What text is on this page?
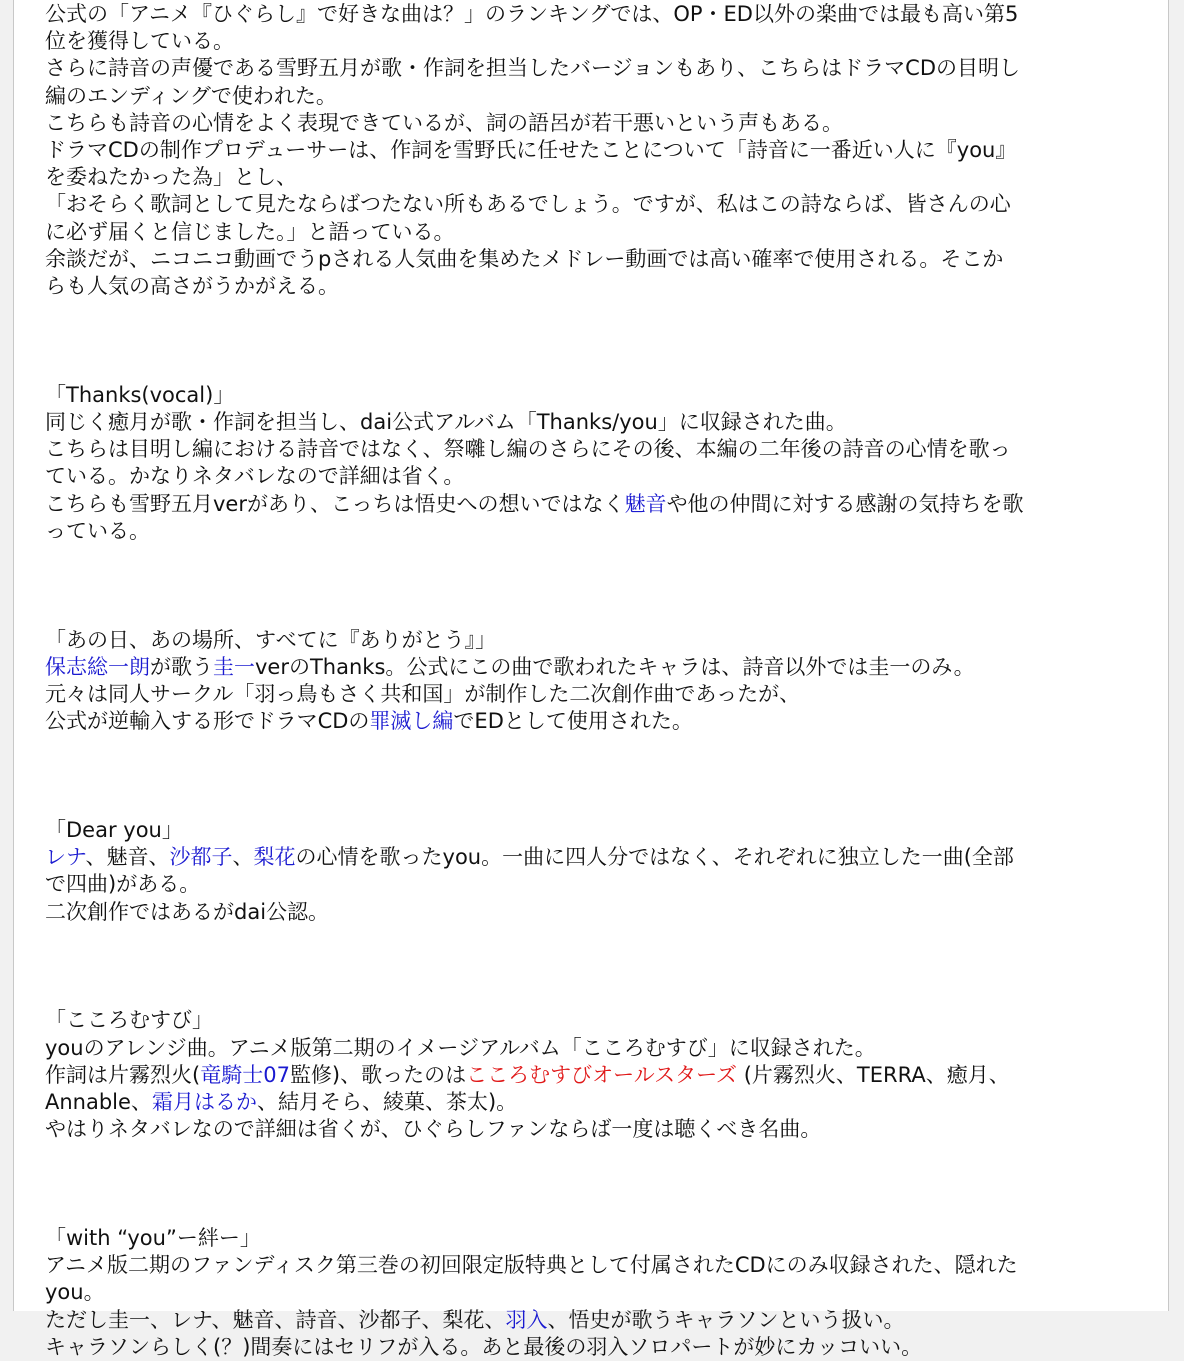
公式の「アニメ『ひぐらし』で好きな曲は？」のランキングでは、OP・ED以外の楽曲では最も高い第5

位を獲得している。

さらに詩音の声優である雪野五月が歌・作詞を担当したバージョンもあり、こちらはドラマCDの目明し

編のエンディングで使われた。

こちらも詩音の心情をよく表現できているが、詞の語呂が若干悪いという声もある。

ドラマCDの制作プロデューサーは、作詞を雪野氏に任せたことについて「詩音に一番近い人に『you』

を委ねたかった為」とし、

「おそらく歌詞として見たならばつたない所もあるでしょう。ですが、私はこの詩ならば、皆さんの心

に必ず届くと信じました。」と語っている。

余談だが、ニコニコ動画でうpされる人気曲を集めたメドレー動画では高い確率で使用される。そこか

らも人気の高さがうかがえる。

「Thanks(vocal)」

同じく癒月が歌・作詞を担当し、dai公式アルバム「Thanks/you」に収録された曲。

こちらは目明し編における詩音ではなく、祭囃し編のさらにその後、本編の二年後の詩音の心情を歌っ

ている。かなりネタバレなので詳細は省く。

こちらも雪野五月verがあり、こっちは悟史への想いではなく魅音や他の仲間に対する感謝の気持ちを歌

っている。

「あの日、あの場所、すべてに『ありがとう』」

保志総一朗が歌う圭一verのThanks。公式にこの曲で歌われたキャラは、詩音以外では圭一のみ。

元々は同人サークル「羽っ鳥もさく共和国」が制作した二次創作曲であったが、

公式が逆輸入する形でドラマCDの罪滅し編でEDとして使用された。

「Dear you」

レナ、魅音、沙都子、梨花の心情を歌ったyou。一曲に四人分ではなく、それぞれに独立した一曲(全部

で四曲)がある。

二次創作ではあるがdai公認。

「こころむすび」

youのアレンジ曲。アニメ版第二期のイメージアルバム「こころむすび」に収録された。

作詞は片霧烈火(竜騎士07監修)、歌ったのはこころむすびオールスターズ (片霧烈火、TERRA、癒月、

Annable、霜月はるか、結月そら、綾菓、茶太)。

やはりネタバレなので詳細は省くが、ひぐらしファンならば一度は聴くべき名曲。

「with “you”ー絆ー」

アニメ版二期のファンディスク第三巻の初回限定版特典として付属されたCDにのみ収録された、隠れた

you。

ただし圭一、レナ、魅音、詩音、沙都子、梨花、羽入、悟史が歌うキャラソンという扱い。

キャラソンらしく(？)間奏にはセリフが入る。あと最後の羽入ソロパートが妙にカッコいい。
